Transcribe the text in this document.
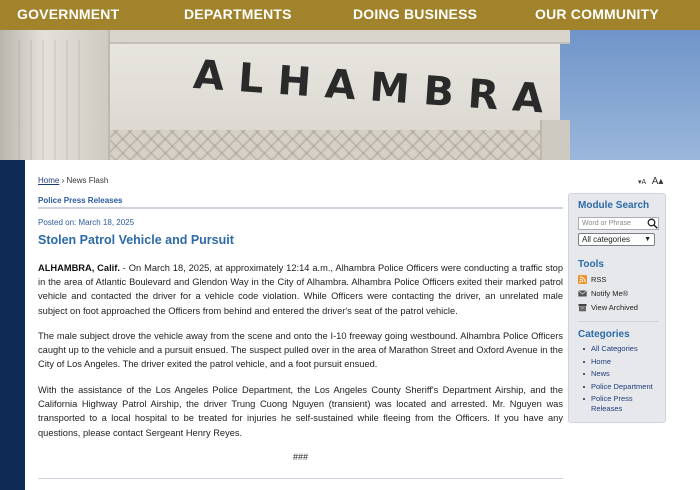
GOVERNMENT	DEPARTMENTS	DOING BUSINESS	OUR COMMUNITY
ALHAMBRA
Home › News Flash	▾A A▴
Police Press Releases
Posted on: March 18, 2025
Stolen Patrol Vehicle and Pursuit
ALHAMBRA, Calif. - On March 18, 2025, at approximately 12:14 a.m., Alhambra Police Officers were conducting a traffic stop in the area of Atlantic Boulevard and Glendon Way in the City of Alhambra. Alhambra Police Officers exited their marked patrol vehicle and contacted the driver for a vehicle code violation. While Officers were contacting the driver, an unrelated male subject on foot approached the Officers from behind and entered the driver's seat of the patrol vehicle.
The male subject drove the vehicle away from the scene and onto the I-10 freeway going westbound. Alhambra Police Officers caught up to the vehicle and a pursuit ensued. The suspect pulled over in the area of Marathon Street and Oxford Avenue in the City of Los Angeles. The driver exited the patrol vehicle, and a foot pursuit ensued.
With the assistance of the Los Angeles Police Department, the Los Angeles County Sheriff's Department Airship, and the California Highway Patrol Airship, the driver Trung Cuong Nguyen (transient) was located and arrested. Mr. Nguyen was transported to a local hospital to be treated for injuries he self-sustained while fleeing from the Officers. If you have any questions, please contact Sergeant Henry Reyes.
###
Module Search
Word or Phrase
All categories ▼
Tools
RSS
Notify Me®
View Archived
Categories
All Categories
Home
News
Police Department
Police Press Releases
